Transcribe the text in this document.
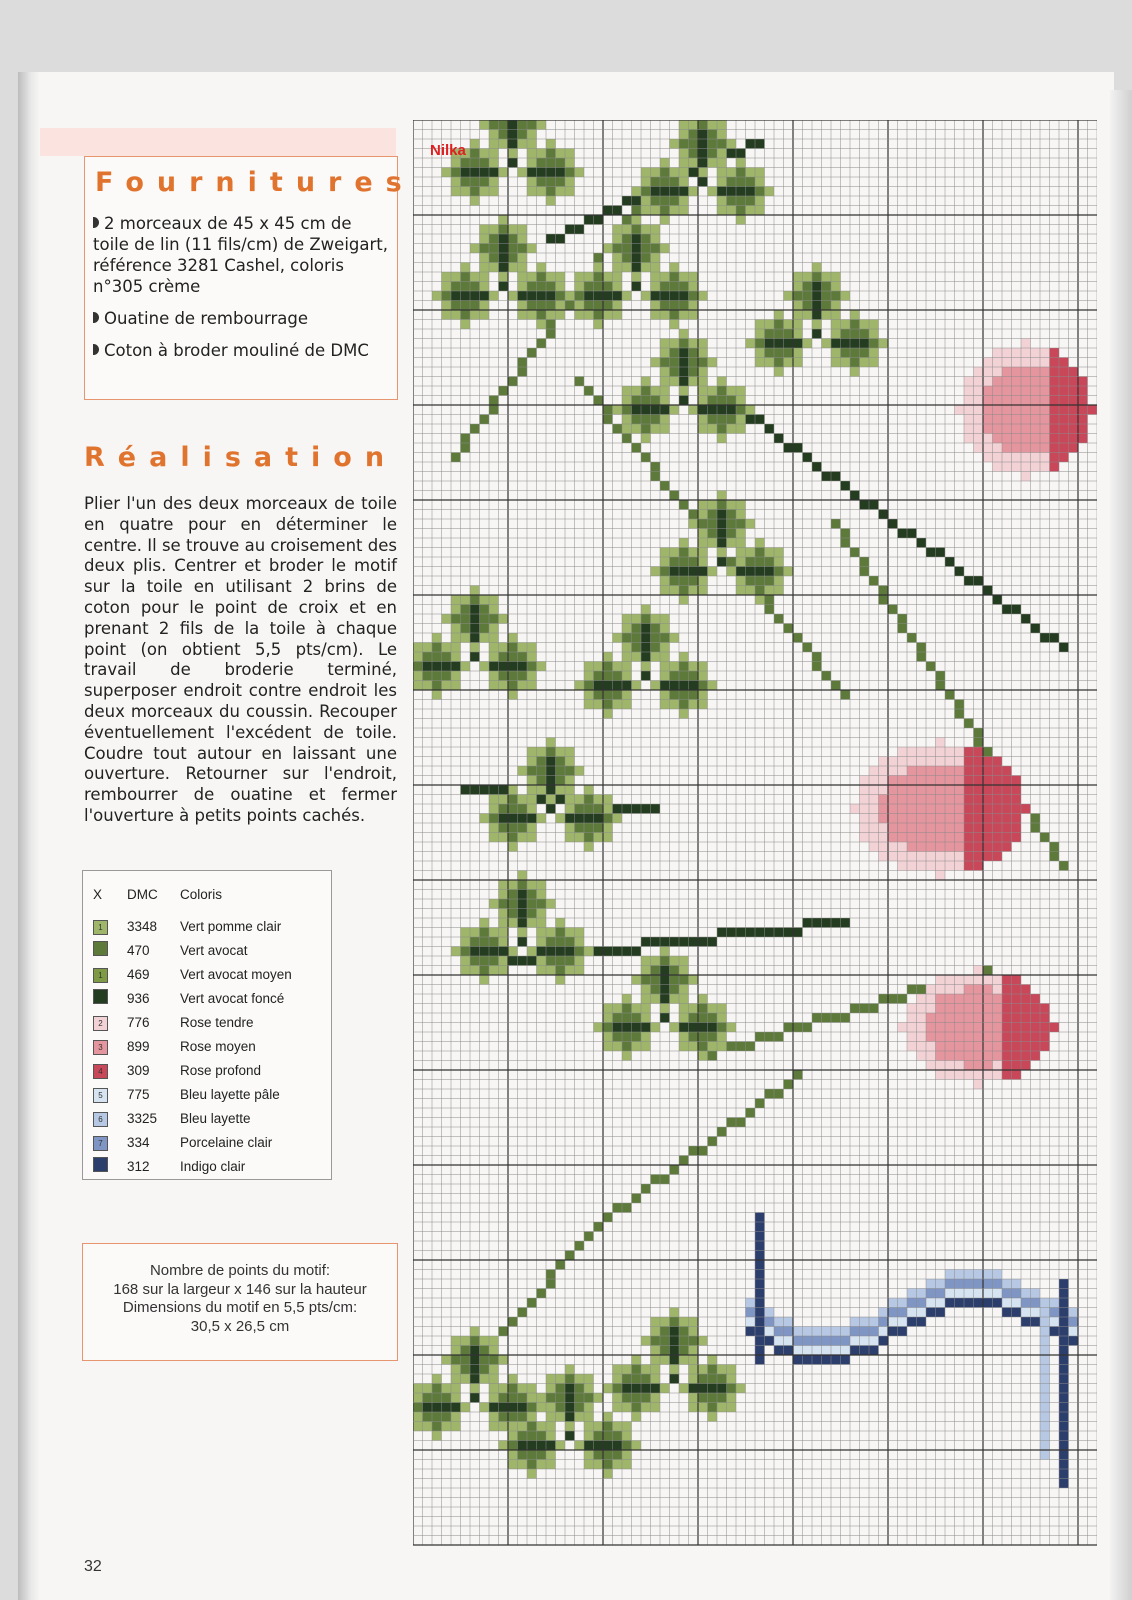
Fournitures
2 morceaux de 45 x 45 cm de toile de lin (11 fils/cm) de Zweigart, référence 3281 Cashel, coloris n°305 crème
Ouatine de rembourrage
Coton à broder mouliné de DMC
Réalisation

Plier l'un des deux morceaux de toile en quatre pour en déterminer le centre. Il se trouve au croisement des deux plis. Centrer et broder le motif sur la toile en utilisant 2 brins de coton pour le point de croix et en prenant 2 fils de la toile à chaque point (on obtient 5,5 pts/cm). Le travail de broderie terminé, superposer endroit contre endroit les deux morceaux du coussin. Recouper éventuellement l'excédent de toile. Coudre tout autour en laissant une ouverture. Retourner sur l'endroit, rembourrer de ouatine et fermer l'ouverture à petits points cachés.

X	DMC	Coloris

1	3348	Vert pomme clair
	470	Vert avocat
1	469	Vert avocat moyen
	936	Vert avocat foncé
2	776	Rose tendre
3	899	Rose moyen
4	309	Rose profond
5	775	Bleu layette pâle
6	3325	Bleu layette
7	334	Porcelaine clair
	312	Indigo clair

Nombre de points du motif:
168 sur la largeur x 146 sur la hauteur
Dimensions du motif en 5,5 pts/cm:
30,5 x 26,5 cm

32
Nilka
